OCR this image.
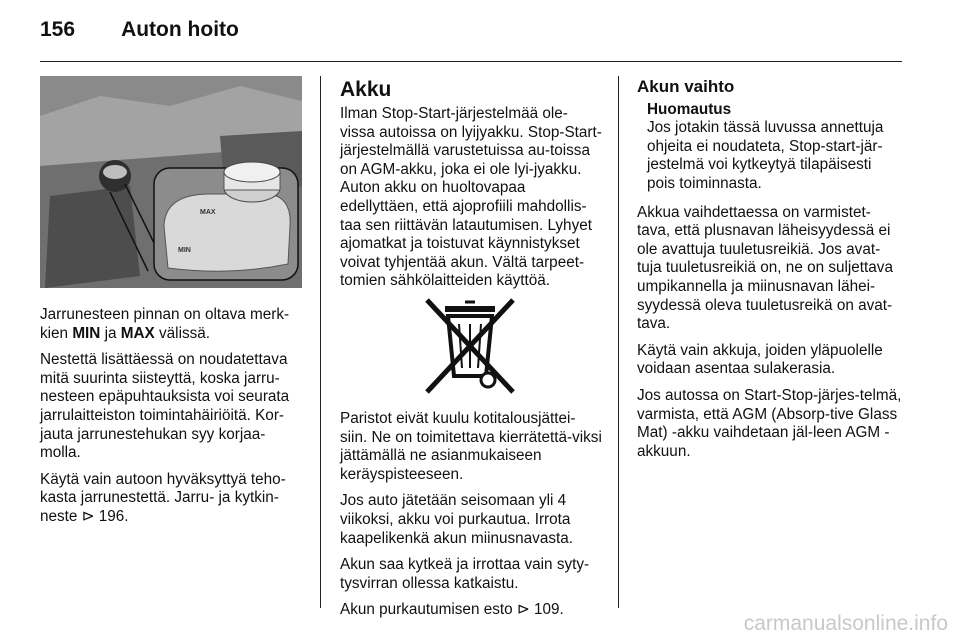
156 Auton hoito
MAX
MIN

Jarrunesteen pinnan on oltava merk-kien MIN ja MAX välissä.

Nestettä lisättäessä on noudatettava mitä suurinta siisteyttä, koska jarru-nesteen epäpuhtauksista voi seurata jarrulaitteiston toimintahäiriöitä. Kor-jauta jarrunestehukan syy korjaa-molla.

Käytä vain autoon hyväksyttyä teho-kasta jarrunestettä. Jarru- ja kytkin-neste ⊳ 196.

Akku

Ilman Stop-Start-järjestelmää ole-vissa autoissa on lyijyakku. Stop-Start-järjestelmällä varustetuissa au-toissa on AGM-akku, joka ei ole lyi-jyakku. Auton akku on huoltovapaa edellyttäen, että ajoprofiili mahdollis-taa sen riittävän latautumisen. Lyhyet ajomatkat ja toistuvat käynnistykset voivat tyhjentää akun. Vältä tarpeet-tomien sähkölaitteiden käyttöä.

Paristot eivät kuulu kotitalousjättei-siin. Ne on toimitettava kierrätettä-viksi jättämällä ne asianmukaiseen keräyspisteeseen.

Jos auto jätetään seisomaan yli 4 viikoksi, akku voi purkautua. Irrota kaapelikenkä akun miinusnavasta.

Akun saa kytkeä ja irrottaa vain syty-tysvirran ollessa katkaistu.

Akun purkautumisen esto ⊳ 109.

Akun vaihto
Huomautus
Jos jotakin tässä luvussa annettuja ohjeita ei noudateta, Stop-start-jär-jestelmä voi kytkeytyä tilapäisesti pois toiminnasta.

Akkua vaihdettaessa on varmistet-tava, että plusnavan läheisyydessä ei ole avattuja tuuletusreikiä. Jos avat-tuja tuuletusreikiä on, ne on suljettava umpikannella ja miinusnavan lähei-syydessä oleva tuuletusreikä on avat-tava.

Käytä vain akkuja, joiden yläpuolelle voidaan asentaa sulakerasia.

Jos autossa on Start-Stop-järjes-telmä, varmista, että AGM (Absorp-tive Glass Mat) -akku vaihdetaan jäl-leen AGM -akkuun.

carmanualsonline.info
